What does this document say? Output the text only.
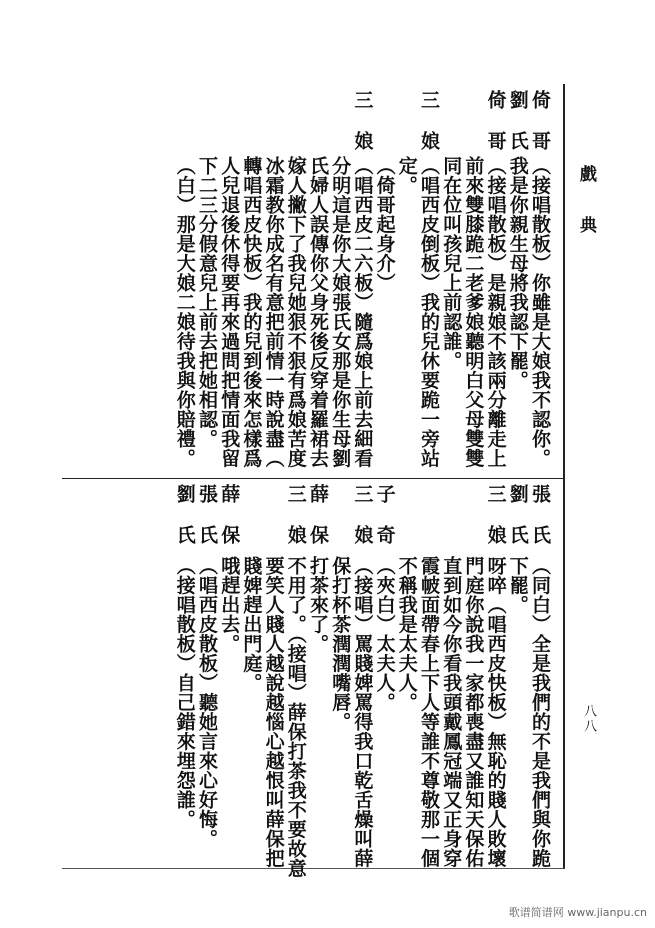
戲典
八八
倚哥
（接唱散板）你雖是大娘我不認你。
劉氏
我是你親生母將我認下罷。
倚哥
（接唱散板）是親娘不該兩分離走上
前來雙膝跪二老爹娘聽明白父母雙雙
同在位叫孩兒上前認誰。
三娘
（唱西皮倒板）我的兒休要跪一旁站
定。
（倚哥起身介）
三娘
（唱西皮二六板）隨爲娘上前去細看
分明這是你大娘張氏女那是你生母劉
氏婦人誤傳你父身死後反穿着羅裙去
嫁人撇下了我兒她狠不狠有爲娘苦度
冰霜教你成名有意把前情一時說盡（
轉唱西皮快板）我的兒到後來怎樣爲
人兒退後休得要再來過問把情面我留
下二三分假意兒上前去把她相認。
（白）那是大娘二娘待我與你賠禮。
張氏
（同白）全是我們的不是我們與你跪
劉氏
下罷。
三娘
呀啐（唱西皮快板）無恥的賤人敗壞
門庭你說我一家都喪盡又誰知天保佑
直到如今你看我頭戴鳳冠端又正身穿
霞帔面帶春上下人等誰不尊敬那一個
不稱我是太夫人。
子奇
（夾白）太夫人。
三娘
（接唱）罵賤婢罵得我口乾舌燥叫薛
保打杯茶潤潤嘴唇。
薛保
打茶來了。
三娘
不用了。（接唱）薛保打茶我不要故意
要笑人賤人越說越惱心越恨叫薛保把
賤婢趕出門庭。
薛保
哦趕出去。
張氏
（唱西皮散板）聽她言來心好悔。
劉氏
（接唱散板）自己錯來埋怨誰。
歌谱简谱网 www.jianpu.cn
